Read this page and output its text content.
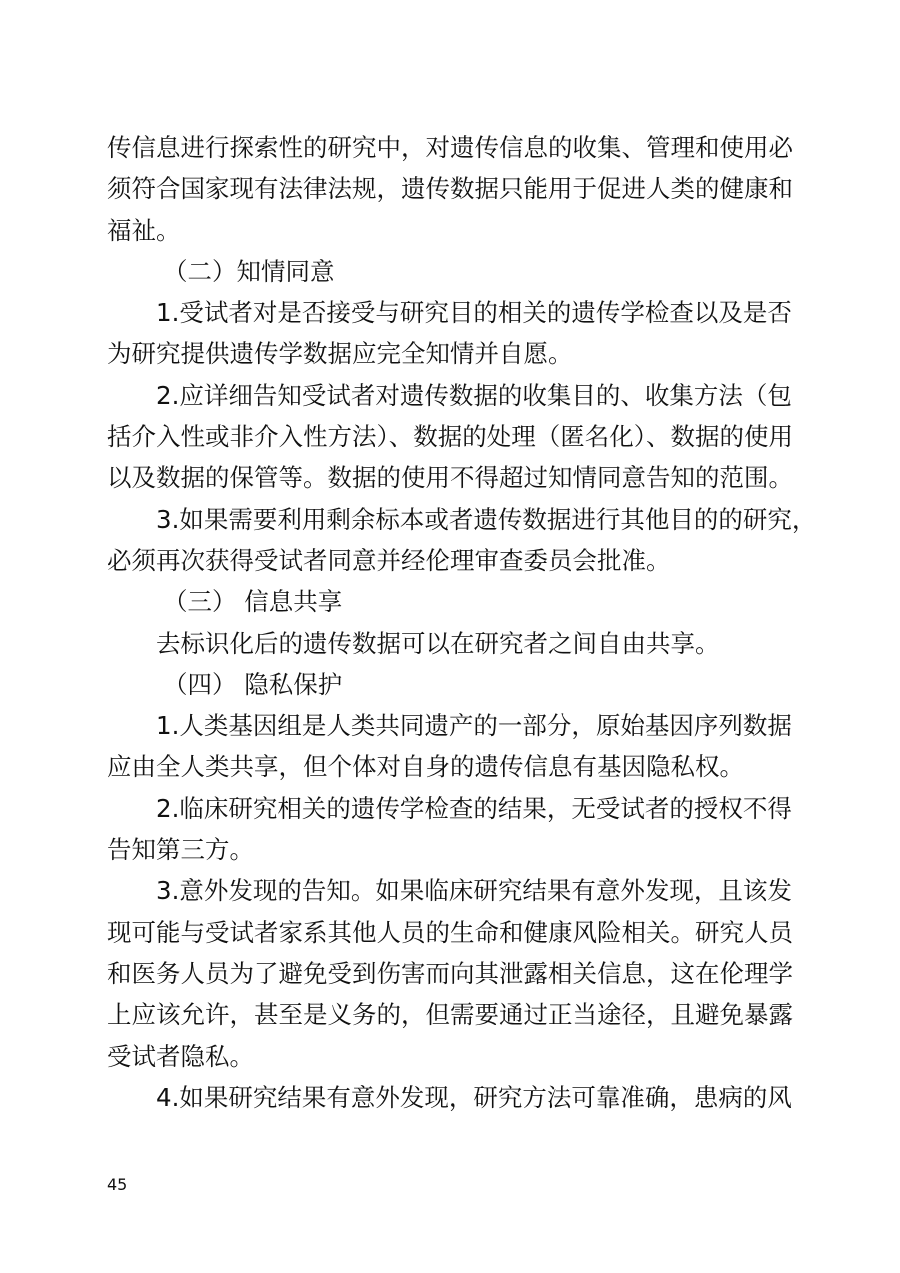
传信息进行探索性的研究中，对遗传信息的收集、管理和使用必
须符合国家现有法律法规，遗传数据只能用于促进人类的健康和
福祉。
（二）知情同意
1.受试者对是否接受与研究目的相关的遗传学检查以及是否
为研究提供遗传学数据应完全知情并自愿。
2.应详细告知受试者对遗传数据的收集目的、收集方法（包
括介入性或非介入性方法）、数据的处理（匿名化）、数据的使用
以及数据的保管等。数据的使用不得超过知情同意告知的范围。
3.如果需要利用剩余标本或者遗传数据进行其他目的的研究，
必须再次获得受试者同意并经伦理审查委员会批准。
（三） 信息共享
去标识化后的遗传数据可以在研究者之间自由共享。
（四） 隐私保护
1.人类基因组是人类共同遗产的一部分，原始基因序列数据
应由全人类共享，但个体对自身的遗传信息有基因隐私权。
2.临床研究相关的遗传学检查的结果，无受试者的授权不得
告知第三方。
3.意外发现的告知。如果临床研究结果有意外发现，且该发
现可能与受试者家系其他人员的生命和健康风险相关。研究人员
和医务人员为了避免受到伤害而向其泄露相关信息，这在伦理学
上应该允许，甚至是义务的，但需要通过正当途径，且避免暴露
受试者隐私。
4.如果研究结果有意外发现，研究方法可靠准确，患病的风
45
